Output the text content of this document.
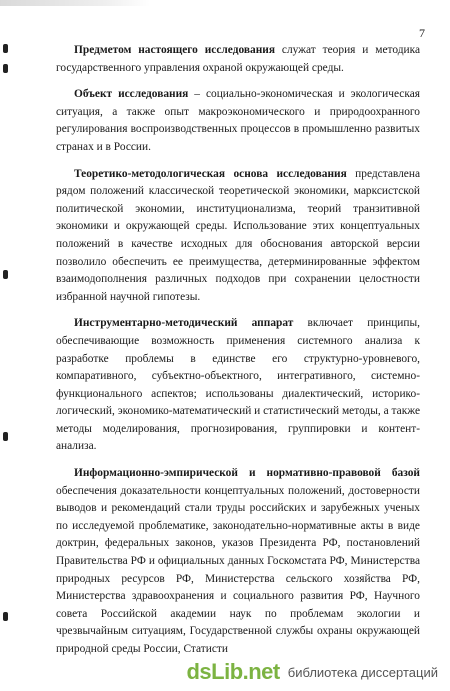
7

Предметом настоящего исследования служат теория и методика государственного управления охраной окружающей среды.

Объект исследования – социально-экономическая и экологическая ситуация, а также опыт макроэкономического и природоохранного регулирования воспроизводственных процессов в промышленно развитых странах и в России.

Теоретико-методологическая основа исследования представлена рядом положений классической теоретической экономики, марксистской политической экономии, институционализма, теорий транзитивной экономики и окружающей среды. Использование этих концептуальных положений в качестве исходных для обоснования авторской версии позволило обеспечить ее преимущества, детерминированные эффектом взаимодополнения различных подходов при сохранении целостности избранной научной гипотезы.

Инструментарно-методический аппарат включает принципы, обеспечивающие возможность применения системного анализа к разработке проблемы в единстве его структурно-уровневого, компаративного, субъектно-объектного, интегративного, системно-функционального аспектов; использованы диалектический, историко-логический, экономико-математический и статистический методы, а также методы моделирования, прогнозирования, группировки и контент-анализа.

Информационно-эмпирической и нормативно-правовой базой обеспечения доказательности концептуальных положений, достоверности выводов и рекомендаций стали труды российских и зарубежных ученых по исследуемой проблематике, законодательно-нормативные акты в виде доктрин, федеральных законов, указов Президента РФ, постановлений Правительства РФ и официальных данных Госкомстата РФ, Министерства природных ресурсов РФ, Министерства сельского хозяйства РФ, Министерства здравоохранения и социального развития РФ, Научного совета Российской академии наук по проблемам экологии и чрезвычайным ситуациям, Государственной службы охраны окружающей природной среды России, Статисти

dsLib.net библиотека диссертаций
